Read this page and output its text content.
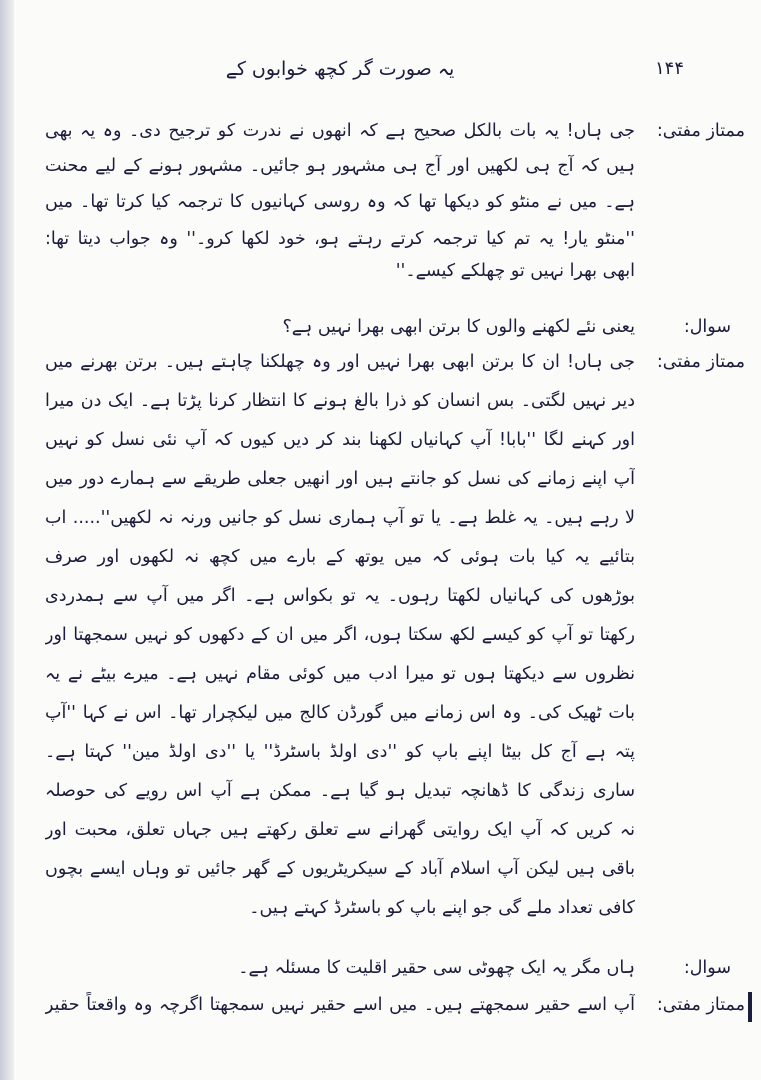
یہ صورت گر کچھ خوابوں کے	۱۴۴
ممتاز مفتی:
جی ہاں! یہ بات بالکل صحیح ہے کہ انھوں نے ندرت کو ترجیح دی۔ وہ یہ بھی
ہیں کہ آج ہی لکھیں اور آج ہی مشہور ہو جائیں۔ مشہور ہونے کے لیے محنت
ہے۔ میں نے منٹو کو دیکھا تھا کہ وہ روسی کہانیوں کا ترجمہ کیا کرتا تھا۔ میں
''منٹو یار! یہ تم کیا ترجمہ کرتے رہتے ہو، خود لکھا کرو۔'' وہ جواب دیتا تھا:
ابھی بھرا نہیں تو چھلکے کیسے۔''
سوال:
یعنی نئے لکھنے والوں کا برتن ابھی بھرا نہیں ہے؟
ممتاز مفتی:
جی ہاں! ان کا برتن ابھی بھرا نہیں اور وہ چھلکنا چاہتے ہیں۔ برتن بھرنے میں
دیر نہیں لگتی۔ بس انسان کو ذرا بالغ ہونے کا انتظار کرنا پڑتا ہے۔ ایک دن میرا
اور کہنے لگا ''بابا! آپ کہانیاں لکھنا بند کر دیں کیوں کہ آپ نئی نسل کو نہیں
آپ اپنے زمانے کی نسل کو جانتے ہیں اور انھیں جعلی طریقے سے ہمارے دور میں
لا رہے ہیں۔ یہ غلط ہے۔ یا تو آپ ہماری نسل کو جانیں ورنہ نہ لکھیں''..... اب
بتائیے یہ کیا بات ہوئی کہ میں یوتھ کے بارے میں کچھ نہ لکھوں اور صرف
بوڑھوں کی کہانیاں لکھتا رہوں۔ یہ تو بکواس ہے۔ اگر میں آپ سے ہمدردی
رکھتا تو آپ کو کیسے لکھ سکتا ہوں، اگر میں ان کے دکھوں کو نہیں سمجھتا اور
نظروں سے دیکھتا ہوں تو میرا ادب میں کوئی مقام نہیں ہے۔ میرے بیٹے نے یہ
بات ٹھیک کی۔ وہ اس زمانے میں گورڈن کالج میں لیکچرار تھا۔ اس نے کہا ''آپ
پتہ ہے آج کل بیٹا اپنے باپ کو ''دی اولڈ باسٹرڈ'' یا ''دی اولڈ مین'' کہتا ہے۔
ساری زندگی کا ڈھانچہ تبدیل ہو گیا ہے۔ ممکن ہے آپ اس رویے کی حوصلہ
نہ کریں کہ آپ ایک روایتی گھرانے سے تعلق رکھتے ہیں جہاں تعلق، محبت اور
باقی ہیں لیکن آپ اسلام آباد کے سیکریٹریوں کے گھر جائیں تو وہاں ایسے بچوں
کافی تعداد ملے گی جو اپنے باپ کو باسٹرڈ کہتے ہیں۔
سوال:
ہاں مگر یہ ایک چھوٹی سی حقیر اقلیت کا مسئلہ ہے۔
ممتاز مفتی:
آپ اسے حقیر سمجھتے ہیں۔ میں اسے حقیر نہیں سمجھتا اگرچہ وہ واقعتاً حقیر
